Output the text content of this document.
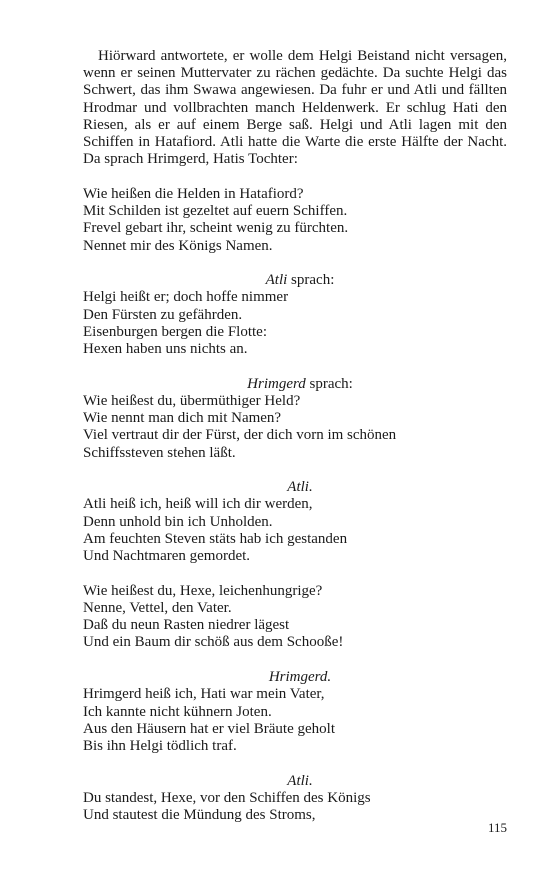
Hiörward antwortete, er wolle dem Helgi Beistand nicht versagen, wenn er seinen Muttervater zu rächen gedächte. Da suchte Helgi das Schwert, das ihm Swawa angewiesen. Da fuhr er und Atli und fällten Hrodmar und vollbrachten manch Heldenwerk. Er schlug Hati den Riesen, als er auf einem Berge saß. Helgi und Atli lagen mit den Schiffen in Hatafiord. Atli hatte die Warte die erste Hälfte der Nacht. Da sprach Hrimgerd, Hatis Tochter:

Wie heißen die Helden in Hatafiord?
Mit Schilden ist gezeltet auf euern Schiffen.
Frevel gebart ihr, scheint wenig zu fürchten.
Nennet mir des Königs Namen.
Atli sprach:
Helgi heißt er; doch hoffe nimmer
Den Fürsten zu gefährden.
Eisenburgen bergen die Flotte:
Hexen haben uns nichts an.
Hrimgerd sprach:
Wie heißest du, übermüthiger Held?
Wie nennt man dich mit Namen?
Viel vertraut dir der Fürst, der dich vorn im schönen
Schiffssteven stehen läßt.
Atli.
Atli heiß ich, heiß will ich dir werden,
Denn unhold bin ich Unholden.
Am feuchten Steven stäts hab ich gestanden
Und Nachtmaren gemordet.
Wie heißest du, Hexe, leichenhungrige?
Nenne, Vettel, den Vater.
Daß du neun Rasten niedrer lägest
Und ein Baum dir schöß aus dem Schooße!
Hrimgerd.
Hrimgerd heiß ich, Hati war mein Vater,
Ich kannte nicht kühnern Joten.
Aus den Häusern hat er viel Bräute geholt
Bis ihn Helgi tödlich traf.
Atli.
Du standest, Hexe, vor den Schiffen des Königs
Und stautest die Mündung des Stroms,
115
